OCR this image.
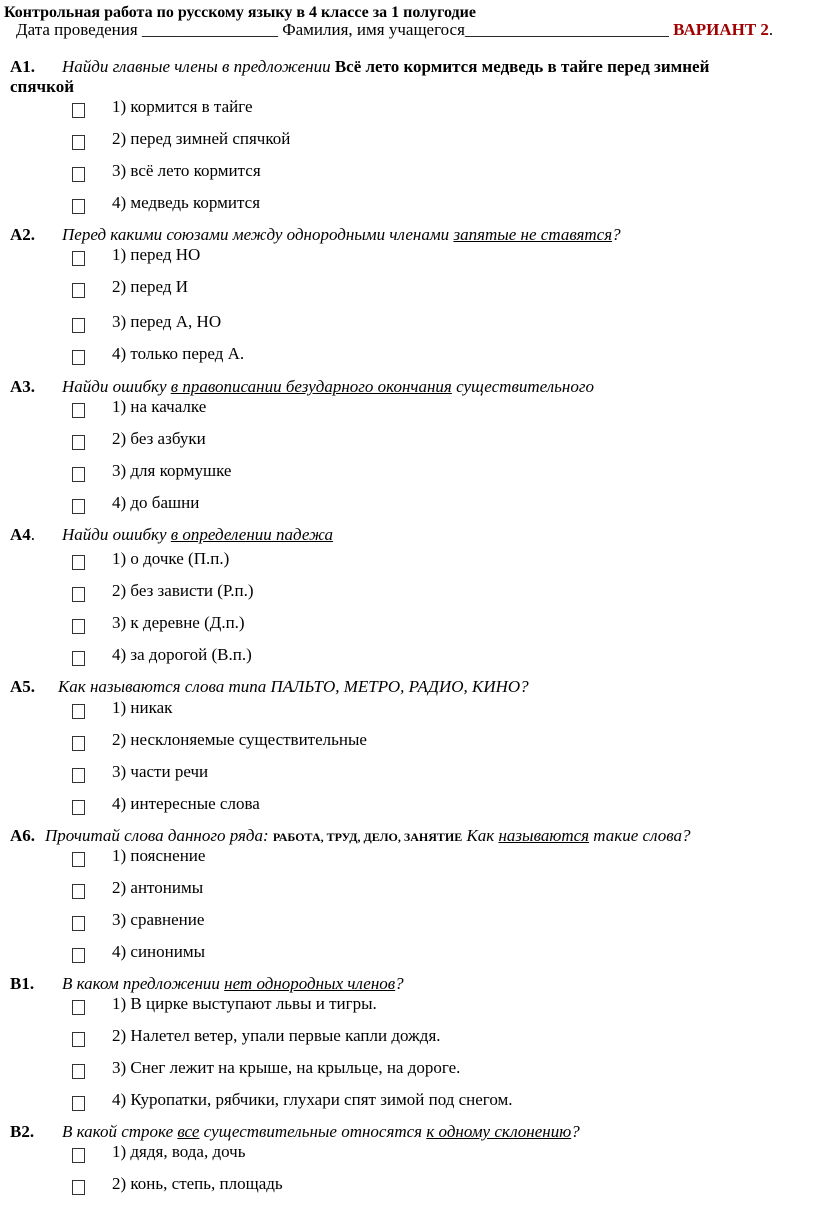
Контрольная работа по русскому языку в 4 классе за 1 полугодие
Дата проведения ________________ Фамилия, имя учащегося________________________ ВАРИАНТ 2.
А1. Найди главные члены в предложении Всё лето кормится медведь в тайге перед зимней
спячкой
1) кормится в тайге
2) перед зимней спячкой
3) всё лето кормится
4) медведь кормится
А2. Перед какими союзами между однородными членами запятые не ставятся?
1) перед НО
2) перед И
3) перед А, НО
4) только перед А.
А3. Найди ошибку в правописании безударного окончания существительного
1) на качалке
2) без азбуки
3) для кормушке
4) до башни
А4. Найди ошибку в определении падежа
1) о дочке (П.п.)
2) без зависти (Р.п.)
3) к деревне (Д.п.)
4) за дорогой (В.п.)
А5. Как называются слова типа ПАЛЬТО, МЕТРО, РАДИО, КИНО?
1) никак
2) несклоняемые существительные
3) части речи
4) интересные слова
А6. Прочитай слова данного ряда: РАБОТА, ТРУД, ДЕЛО, ЗАНЯТИЕ Как называются такие слова?
1) пояснение
2) антонимы
3) сравнение
4) синонимы
В1. В каком предложении нет однородных членов?
1) В цирке выступают львы и тигры.
2) Налетел ветер, упали первые капли дождя.
3) Снег лежит на крыше, на крыльце, на дороге.
4) Куропатки, рябчики, глухари спят зимой под снегом.
В2. В какой строке все существительные относятся к одному склонению?
1) дядя, вода, дочь
2) конь, степь, площадь
